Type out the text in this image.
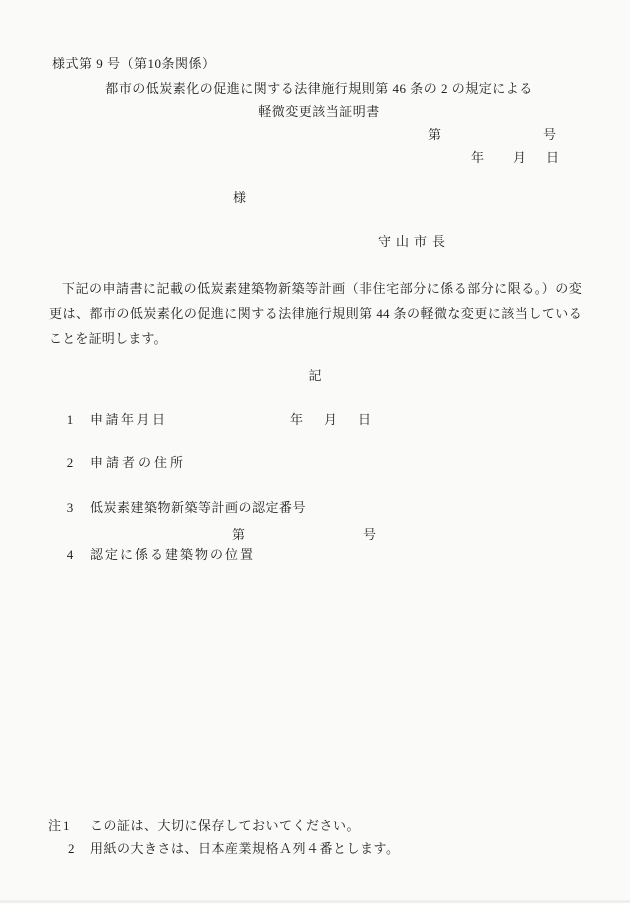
様式第 9 号（第10条関係）
都市の低炭素化の促進に関する法律施行規則第 46 条の 2 の規定による
軽微変更該当証明書
第	号
年 月 日
様
守山市長
下記の申請書に記載の低炭素建築物新築等計画（非住宅部分に係る部分に限る。）の変更は、都市の低炭素化の促進に関する法律施行規則第 44 条の軽微な変更に該当していることを証明します。
記
1 申請年月日	年 月 日
2 申請者の住所
3 低炭素建築物新築等計画の認定番号
第	号
4 認定に係る建築物の位置
注 1 この証は、大切に保存しておいてください。
2 用紙の大きさは、日本産業規格Ａ列４番とします。
